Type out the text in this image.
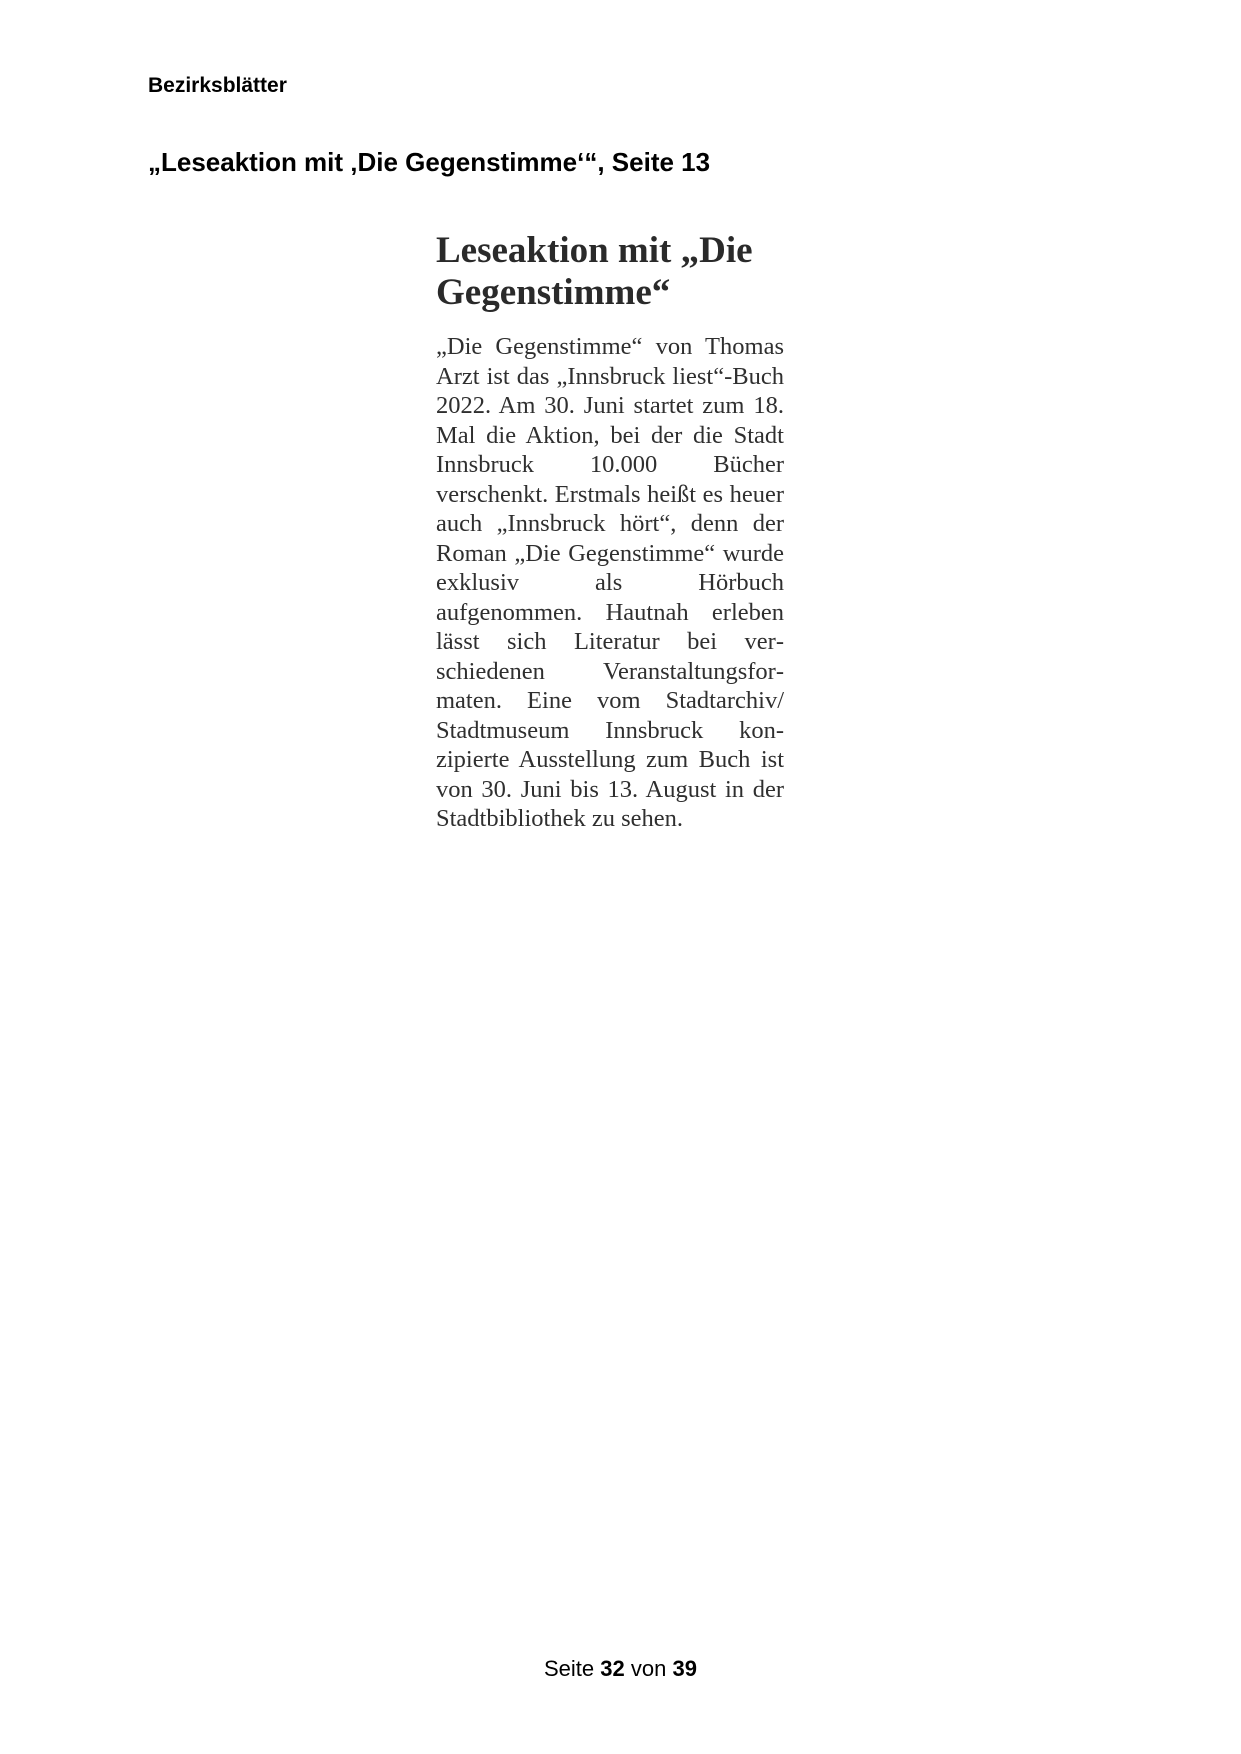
Bezirksblätter
„Leseaktion mit ‚Die Gegenstimme‘“, Seite 13
Leseaktion mit „Die Gegenstimme“

„Die Gegenstimme“ von Thomas Arzt ist das „Innsbruck liest“-Buch 2022. Am 30. Juni startet zum 18. Mal die Aktion, bei der die Stadt Innsbruck 10.000 Bücher verschenkt. Erstmals heißt es heuer auch „Innsbruck hört“, denn der Roman „Die Gegenstimme“ wurde exklusiv als Hörbuch aufgenommen. Hautnah erleben lässt sich Literatur bei verschiedenen Veranstaltungsformaten. Eine vom Stadtarchiv/​Stadtmuseum Innsbruck konzipierte Ausstellung zum Buch ist von 30. Juni bis 13. August in der Stadtbibliothek zu sehen.

Seite 32 von 39
